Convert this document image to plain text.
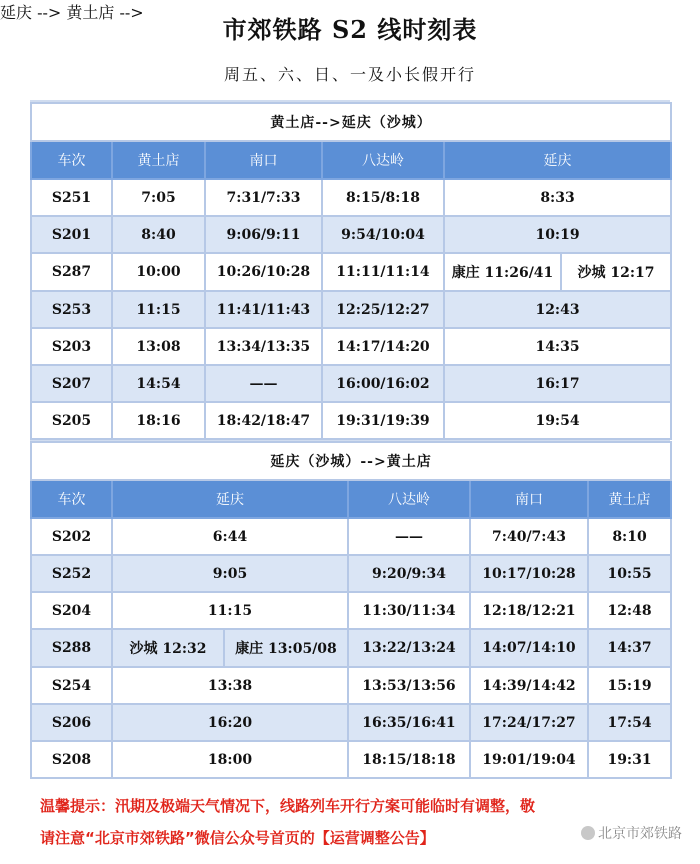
市郊铁路 S2 线时刻表
周五、六、日、一及小长假开行
延庆 -->
黄土店-->延庆（沙城）					
车次	黄土店	南口	八达岭	延庆	
S251	7:05	7:31/7:33	8:15/8:18	8:33	
S201	8:40	9:06/9:11	9:54/10:04	10:19	
S287	10:00	10:26/10:28	11:11/11:14	康庄 11:26/41	沙城 12:17
S253	11:15	11:41/11:43	12:25/12:27	12:43	
S203	13:08	13:34/13:35	14:17/14:20	14:35	
S207	14:54	——	16:00/16:02	16:17	
S205	18:16	18:42/18:47	19:31/19:39	19:54	
黄土店 -->
延庆（沙城）-->黄土店					
车次	延庆		八达岭	南口	黄土店
S202	6:44		——	7:40/7:43	8:10
S252	9:05		9:20/9:34	10:17/10:28	10:55
S204	11:15		11:30/11:34	12:18/12:21	12:48
S288	沙城 12:32	康庄 13:05/08	13:22/13:24	14:07/14:10	14:37
S254	13:38		13:53/13:56	14:39/14:42	15:19
S206	16:20		16:35/16:41	17:24/17:27	17:54
S208	18:00		18:15/18:18	19:01/19:04	19:31
温馨提示：汛期及极端天气情况下，线路列车开行方案可能临时有调整，敬
请注意“北京市郊铁路”微信公众号首页的【运营调整公告】	北京市郊铁路
